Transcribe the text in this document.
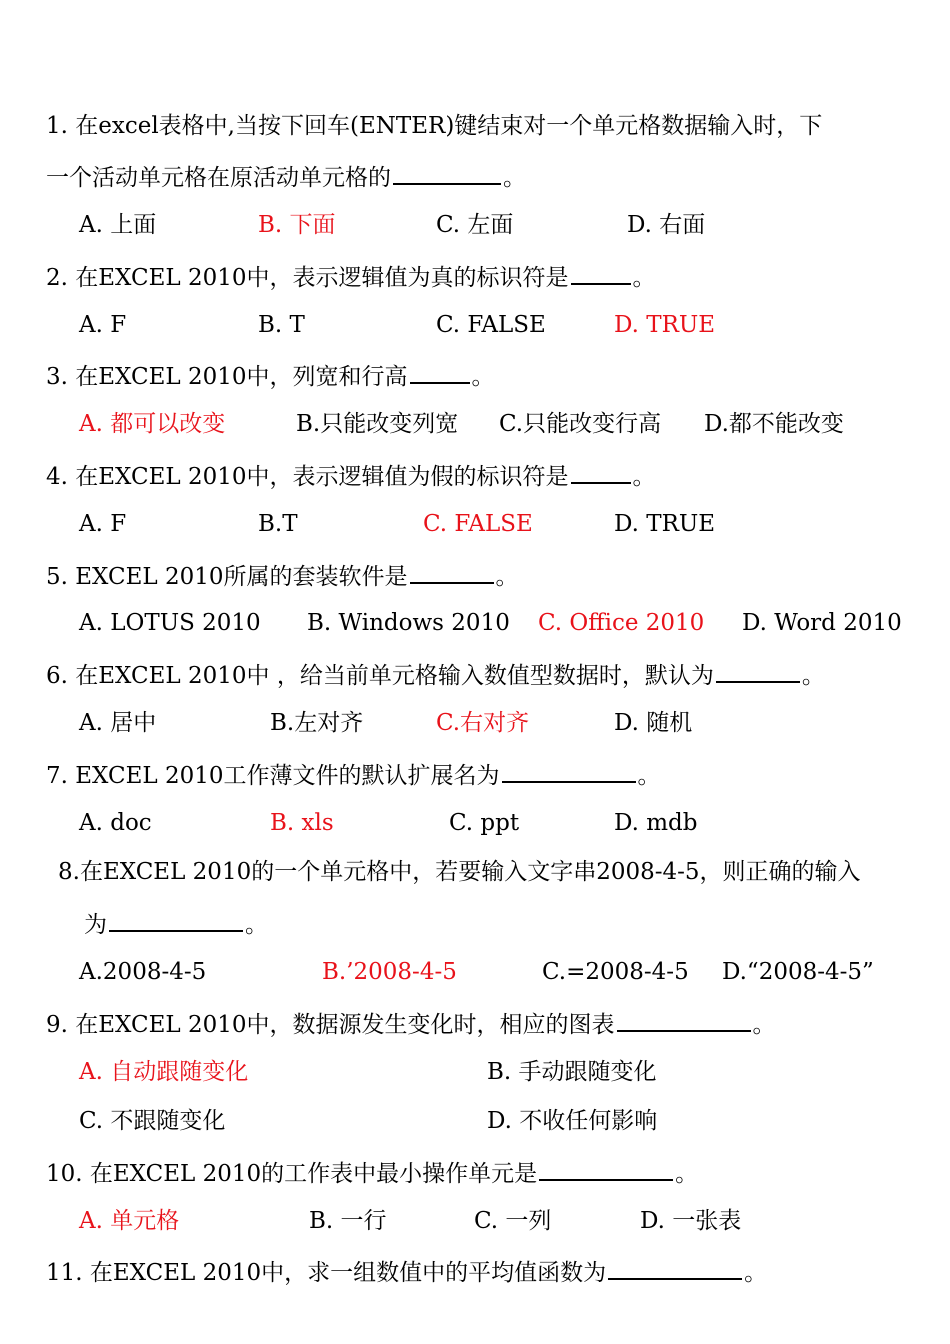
1. 在excel表格中,当按下回车(ENTER)键结束对一个单元格数据输入时，下
一个活动单元格在原活动单元格的	。
A. 上面	B. 下面	C. 左面	D. 右面
2. 在EXCEL 2010中，表示逻辑值为真的标识符是	。
A. F	B. T	C. FALSE	D. TRUE
3. 在EXCEL 2010中，列宽和行高	。
A. 都可以改变	B.只能改变列宽 C.只能改变行高 D.都不能改变
4. 在EXCEL 2010中，表示逻辑值为假的标识符是	。
A. F	B.T	C. FALSE	D. TRUE
5. EXCEL 2010所属的套装软件是	。
A. LOTUS 2010 B. Windows 2010 C. Office 2010 D. Word 2010
6. 在EXCEL 2010中 ，给当前单元格输入数值型数据时，默认为	。
A. 居中	B.左对齐	C.右对齐	D. 随机
7. EXCEL 2010工作薄文件的默认扩展名为	。
A. doc	B. xls	C. ppt	D. mdb
8.在EXCEL 2010的一个单元格中，若要输入文字串2008-4-5，则正确的输入
为	。
A.2008-4-5	B.’2008-4-5	C.=2008-4-5 D.“2008-4-5”
9. 在EXCEL 2010中，数据源发生变化时，相应的图表	。
A. 自动跟随变化	B. 手动跟随变化
C. 不跟随变化	D. 不收任何影响
10. 在EXCEL 2010的工作表中最小操作单元是	。
A. 单元格	B. 一行	C. 一列	D. 一张表
11. 在EXCEL 2010中，求一组数值中的平均值函数为	。
